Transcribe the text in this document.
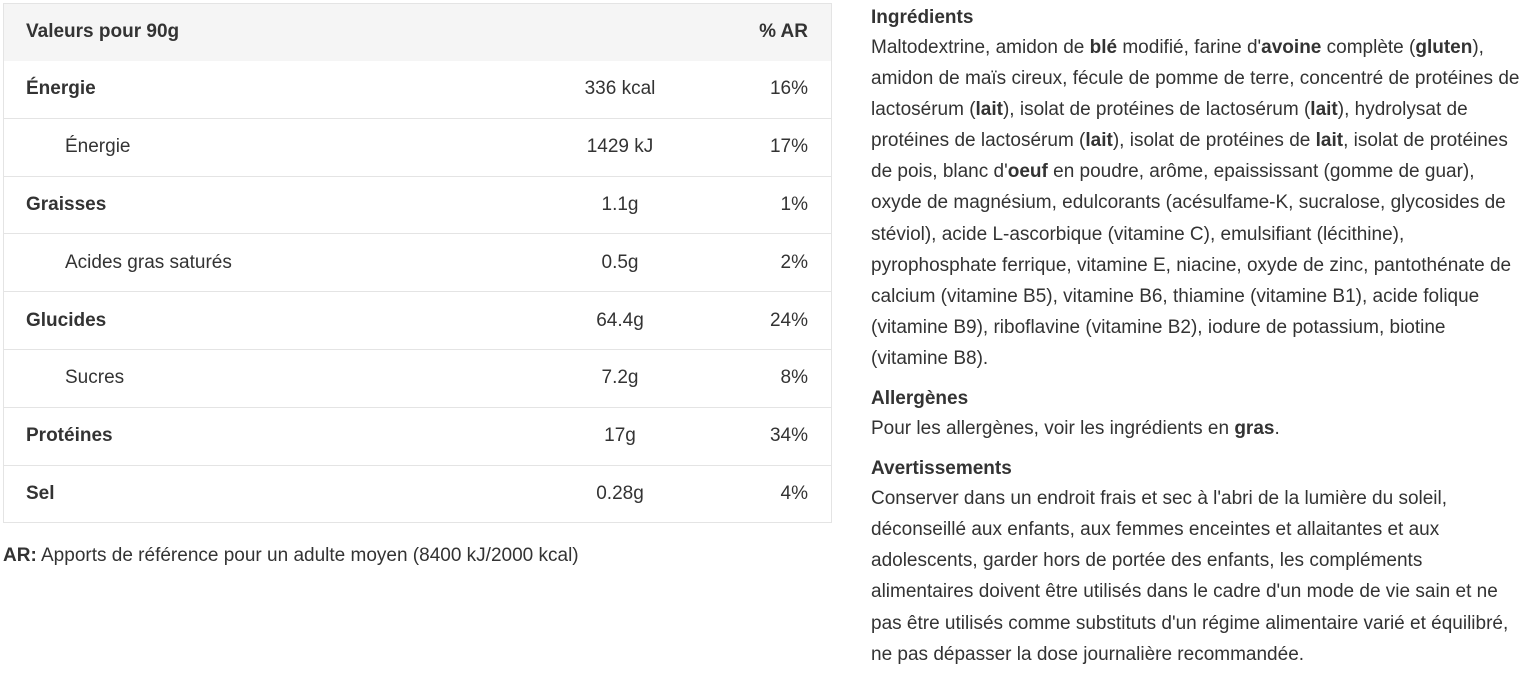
Valeurs pour 90g		% AR
Énergie	336 kcal	16%
Énergie	1429 kJ	17%
Graisses	1.1g	1%
Acides gras saturés	0.5g	2%
Glucides	64.4g	24%
Sucres	7.2g	8%
Protéines	17g	34%
Sel	0.28g	4%
AR: Apports de référence pour un adulte moyen (8400 kJ/2000 kcal)
Ingrédients

Maltodextrine, amidon de blé modifié, farine d'avoine complète (gluten), amidon de maïs cireux, fécule de pomme de terre, concentré de protéines de lactosérum (lait), isolat de protéines de lactosérum (lait), hydrolysat de protéines de lactosérum (lait), isolat de protéines de lait, isolat de protéines de pois, blanc d'oeuf en poudre, arôme, epaississant (gomme de guar), oxyde de magnésium, edulcorants (acésulfame-K, sucralose, glycosides de stéviol), acide L-ascorbique (vitamine C), emulsifiant (lécithine), pyrophosphate ferrique, vitamine E, niacine, oxyde de zinc, pantothénate de calcium (vitamine B5), vitamine B6, thiamine (vitamine B1), acide folique (vitamine B9), riboflavine (vitamine B2), iodure de potassium, biotine (vitamine B8).

Allergènes

Pour les allergènes, voir les ingrédients en gras.

Avertissements

Conserver dans un endroit frais et sec à l'abri de la lumière du soleil, déconseillé aux enfants, aux femmes enceintes et allaitantes et aux adolescents, garder hors de portée des enfants, les compléments alimentaires doivent être utilisés dans le cadre d'un mode de vie sain et ne pas être utilisés comme substituts d'un régime alimentaire varié et équilibré, ne pas dépasser la dose journalière recommandée.
